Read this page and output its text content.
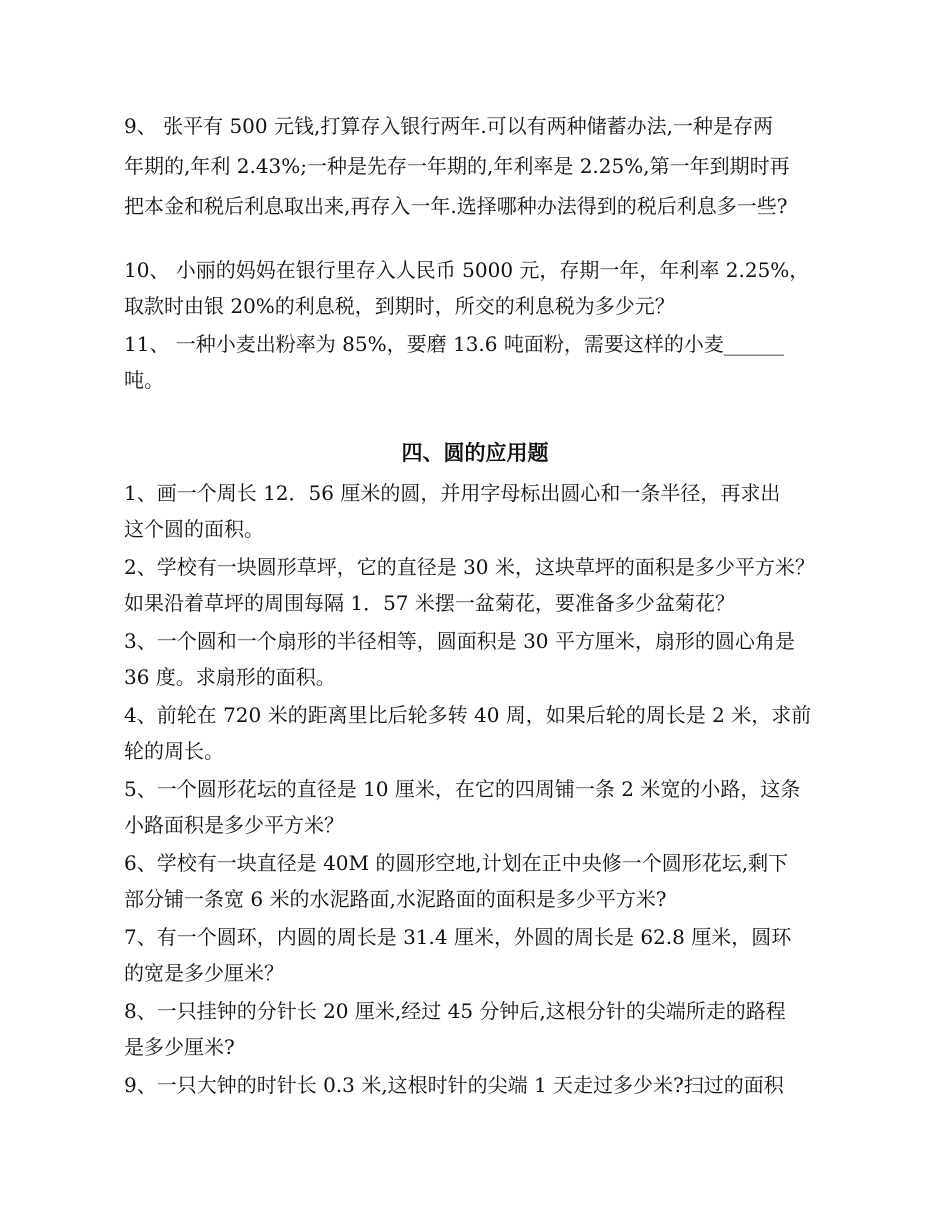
9、 张平有 500 元钱,打算存入银行两年.可以有两种储蓄办法,一种是存两
年期的,年利 2.43%;一种是先存一年期的,年利率是 2.25%,第一年到期时再
把本金和税后利息取出来,再存入一年.选择哪种办法得到的税后利息多一些?
10、 小丽的妈妈在银行里存入人民币 5000 元，存期一年，年利率 2.25%，
取款时由银 20%的利息税，到期时，所交的利息税为多少元？
11、 一种小麦出粉率为 85%，要磨 13.6 吨面粉，需要这样的小麦______
吨。
四、圆的应用题
1、画一个周长 12．56 厘米的圆，并用字母标出圆心和一条半径，再求出
这个圆的面积。
2、学校有一块圆形草坪，它的直径是 30 米，这块草坪的面积是多少平方米？
如果沿着草坪的周围每隔 1．57 米摆一盆菊花，要准备多少盆菊花？
3、一个圆和一个扇形的半径相等，圆面积是 30 平方厘米，扇形的圆心角是
36 度。求扇形的面积。
4、前轮在 720 米的距离里比后轮多转 40 周，如果后轮的周长是 2 米，求前
轮的周长。
5、一个圆形花坛的直径是 10 厘米，在它的四周铺一条 2 米宽的小路，这条
小路面积是多少平方米？
6、学校有一块直径是 40M 的圆形空地,计划在正中央修一个圆形花坛,剩下
部分铺一条宽 6 米的水泥路面,水泥路面的面积是多少平方米?
7、有一个圆环，内圆的周长是 31.4 厘米，外圆的周长是 62.8 厘米，圆环
的宽是多少厘米？
8、一只挂钟的分针长 20 厘米,经过 45 分钟后,这根分针的尖端所走的路程
是多少厘米?
9、一只大钟的时针长 0.3 米,这根时针的尖端 1 天走过多少米?扫过的面积
